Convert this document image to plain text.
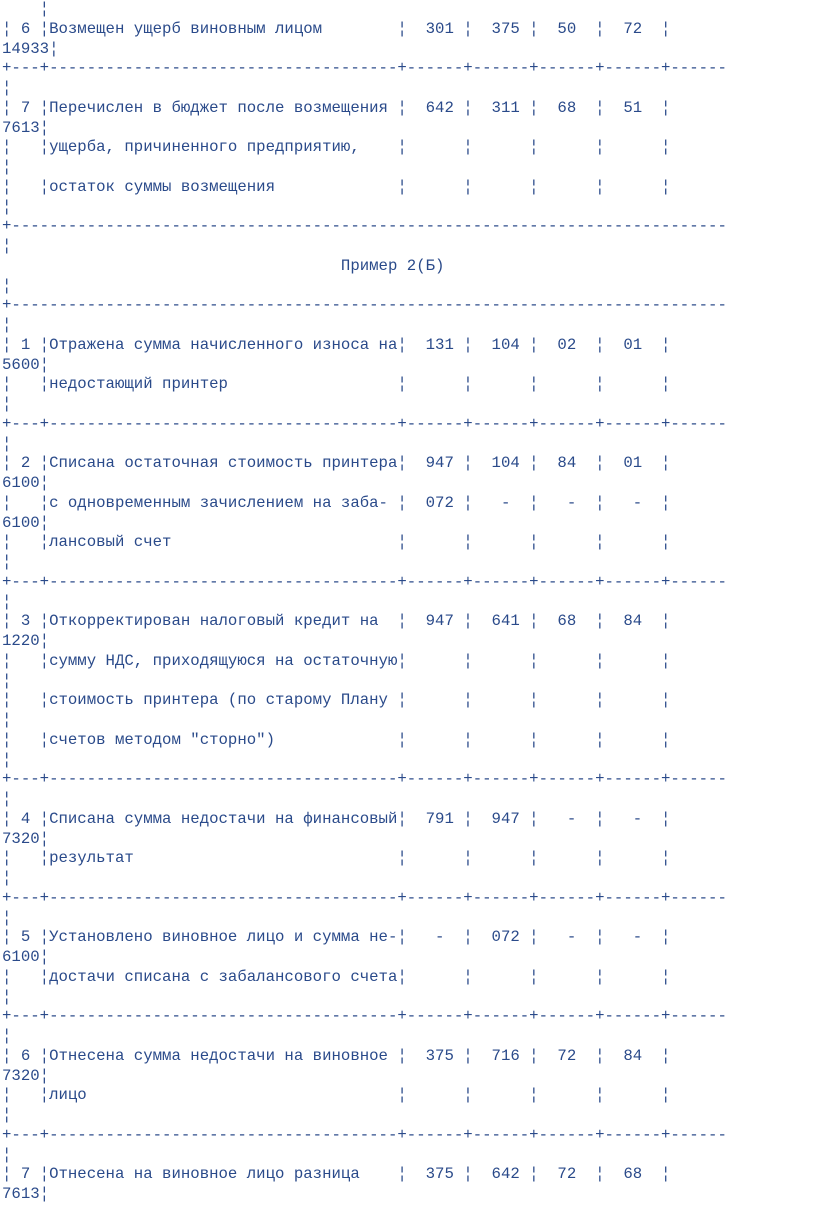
¦
¦ 6 ¦Возмещен ущерб виновным лицом        ¦  301 ¦  375 ¦  50  ¦  72  ¦
14933¦
+---+-------------------------------------+------+------+------+------+------
¦
¦ 7 ¦Перечислен в бюджет после возмещения ¦  642 ¦  311 ¦  68  ¦  51  ¦
7613¦
¦   ¦ущерба, причиненного предприятию,    ¦      ¦      ¦      ¦      ¦
¦
¦   ¦остаток суммы возмещения             ¦      ¦      ¦      ¦      ¦
¦
+----------------------------------------------------------------------------
¦
Пример 2(Б)
¦
+----------------------------------------------------------------------------
¦
¦ 1 ¦Отражена сумма начисленного износа на¦  131 ¦  104 ¦  02  ¦  01  ¦
5600¦
¦   ¦недостающий принтер                  ¦      ¦      ¦      ¦      ¦
¦
+---+-------------------------------------+------+------+------+------+------
¦
¦ 2 ¦Списана остаточная стоимость принтера¦  947 ¦  104 ¦  84  ¦  01  ¦
6100¦
¦   ¦с одновременным зачислением на заба- ¦  072 ¦   -  ¦   -  ¦   -  ¦
6100¦
¦   ¦лансовый счет                        ¦      ¦      ¦      ¦      ¦
¦
+---+-------------------------------------+------+------+------+------+------
¦
¦ 3 ¦Откорректирован налоговый кредит на  ¦  947 ¦  641 ¦  68  ¦  84  ¦
1220¦
¦   ¦сумму НДС, приходящуюся на остаточную¦      ¦      ¦      ¦      ¦
¦
¦   ¦стоимость принтера (по старому Плану ¦      ¦      ¦      ¦      ¦
¦
¦   ¦счетов методом "сторно")             ¦      ¦      ¦      ¦      ¦
¦
+---+-------------------------------------+------+------+------+------+------
¦
¦ 4 ¦Списана сумма недостачи на финансовый¦  791 ¦  947 ¦   -  ¦   -  ¦
7320¦
¦   ¦результат                            ¦      ¦      ¦      ¦      ¦
¦
+---+-------------------------------------+------+------+------+------+------
¦
¦ 5 ¦Установлено виновное лицо и сумма не-¦   -  ¦  072 ¦   -  ¦   -  ¦
6100¦
¦   ¦достачи списана с забалансового счета¦      ¦      ¦      ¦      ¦
¦
+---+-------------------------------------+------+------+------+------+------
¦
¦ 6 ¦Отнесена сумма недостачи на виновное ¦  375 ¦  716 ¦  72  ¦  84  ¦
7320¦
¦   ¦лицо                                 ¦      ¦      ¦      ¦      ¦
¦
+---+-------------------------------------+------+------+------+------+------
¦
¦ 7 ¦Отнесена на виновное лицо разница    ¦  375 ¦  642 ¦  72  ¦  68  ¦
7613¦
